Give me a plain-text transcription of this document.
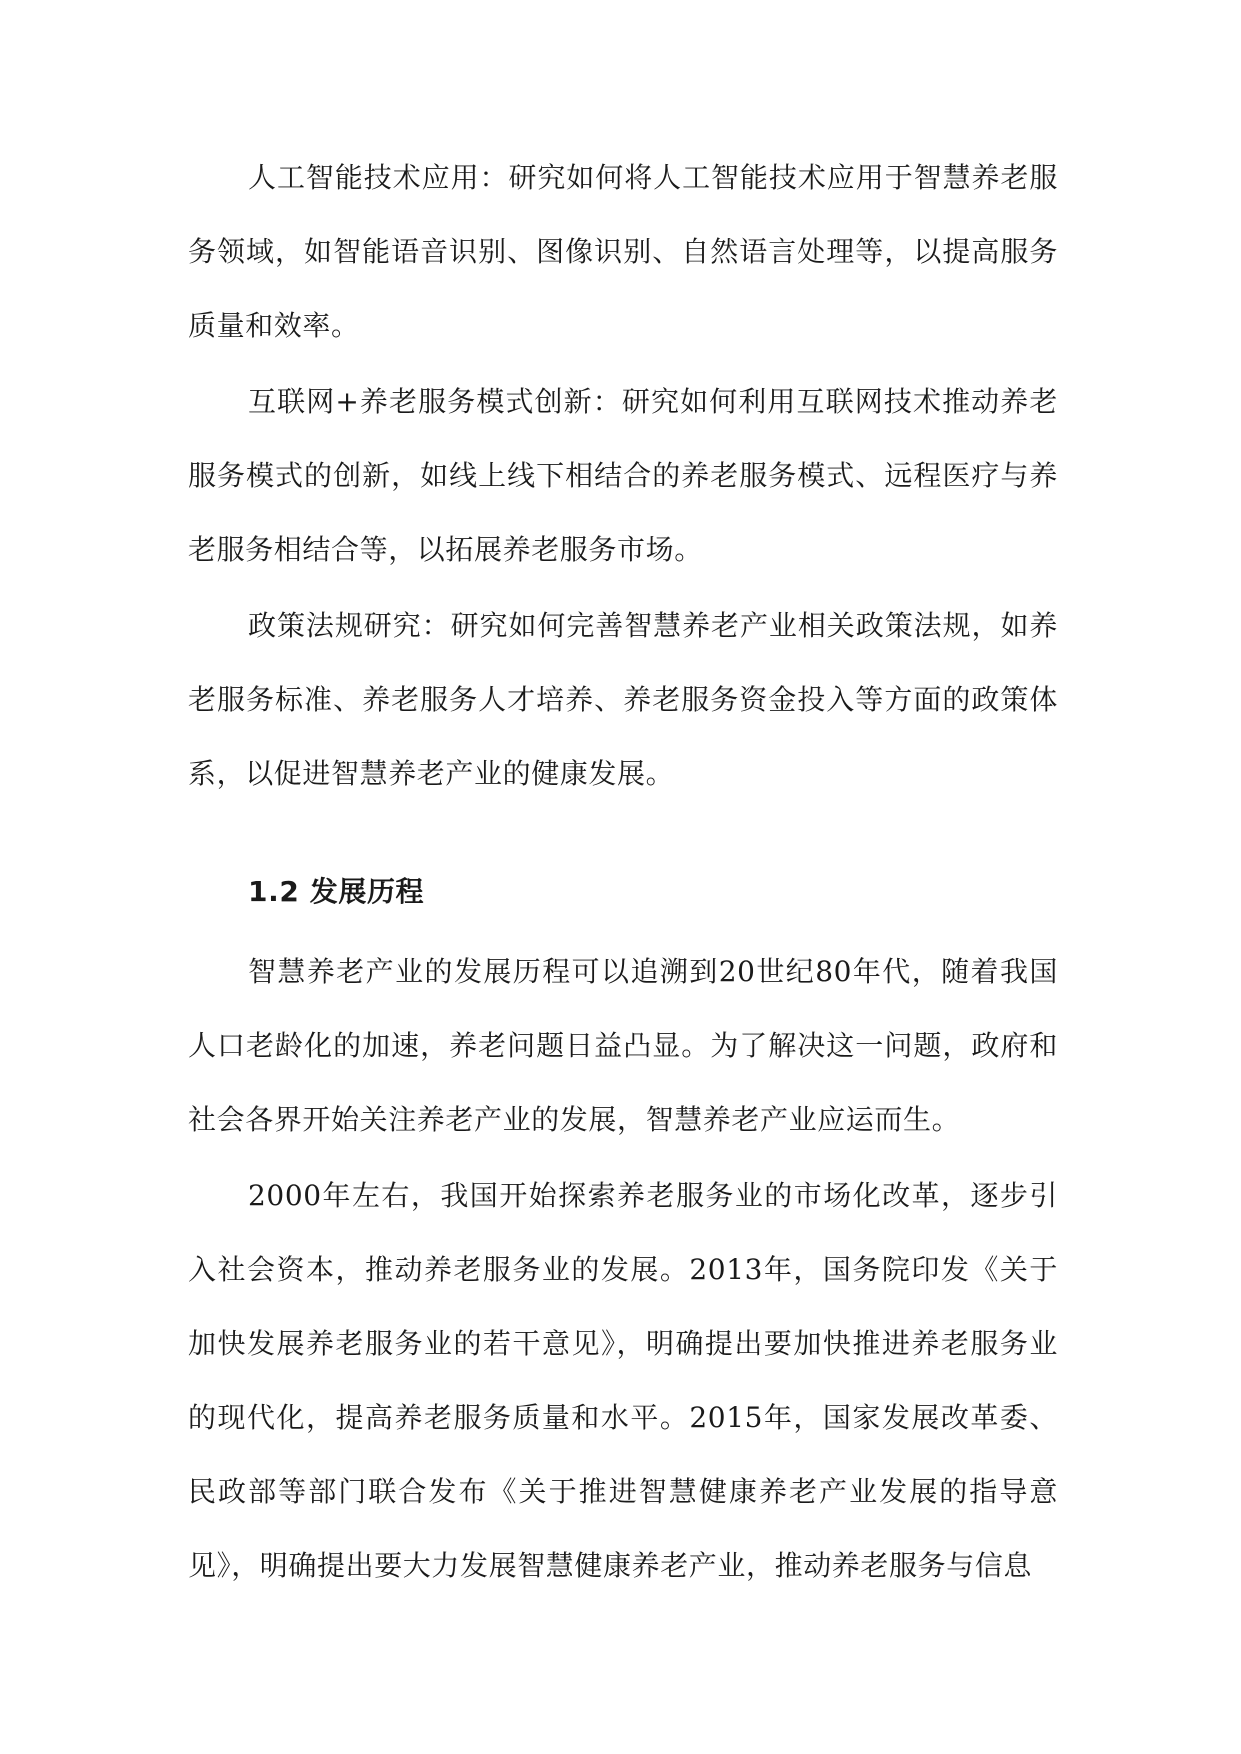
人工智能技术应用：研究如何将人工智能技术应用于智慧养老服务领域，如智能语音识别、图像识别、自然语言处理等，以提高服务质量和效率。

互联网+养老服务模式创新：研究如何利用互联网技术推动养老服务模式的创新，如线上线下相结合的养老服务模式、远程医疗与养老服务相结合等，以拓展养老服务市场。

政策法规研究：研究如何完善智慧养老产业相关政策法规，如养老服务标准、养老服务人才培养、养老服务资金投入等方面的政策体系，以促进智慧养老产业的健康发展。

1.2 发展历程

智慧养老产业的发展历程可以追溯到20世纪80年代，随着我国人口老龄化的加速，养老问题日益凸显。为了解决这一问题，政府和社会各界开始关注养老产业的发展，智慧养老产业应运而生。

2000年左右，我国开始探索养老服务业的市场化改革，逐步引入社会资本，推动养老服务业的发展。2013年，国务院印发《关于加快发展养老服务业的若干意见》，明确提出要加快推进养老服务业的现代化，提高养老服务质量和水平。2015年，国家发展改革委、民政部等部门联合发布《关于推进智慧健康养老产业发展的指导意见》，明确提出要大力发展智慧健康养老产业，推动养老服务与信息
